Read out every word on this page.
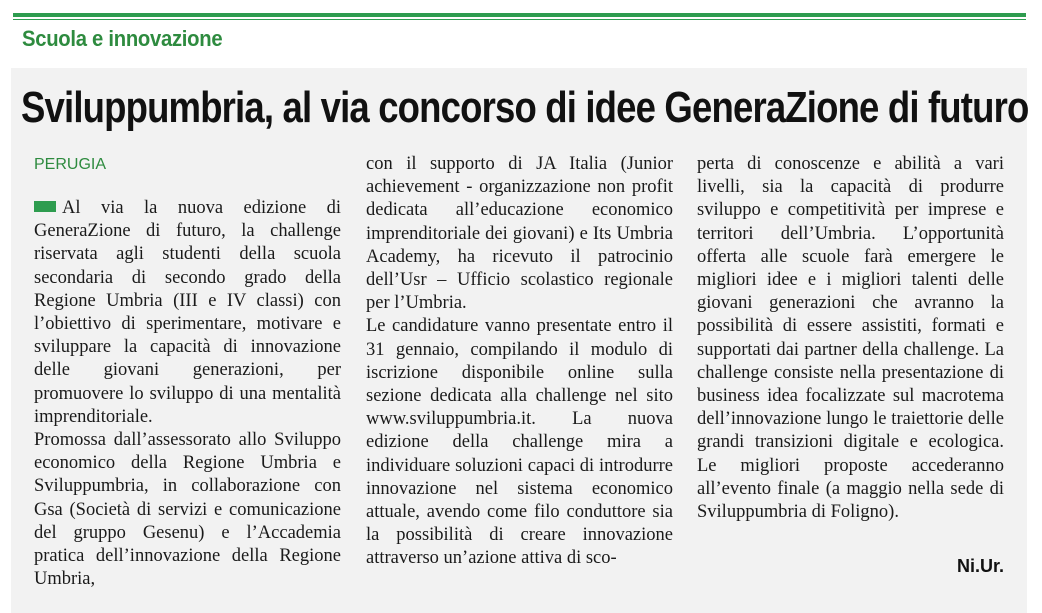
Scuola e innovazione
Sviluppumbria, al via concorso di idee GeneraZione di futuro
PERUGIA

Al via la nuova edizione di GeneraZione di futuro, la challenge riservata agli studenti della scuola secondaria di secondo grado della Regione Umbria (III e IV classi) con l’obiettivo di sperimentare, motivare e sviluppare la capacità di innovazione delle giovani generazioni, per promuovere lo sviluppo di una mentalità imprenditoriale.

Promossa dall’assessorato allo Sviluppo economico della Regione Umbria e Sviluppumbria, in collaborazione con Gsa (Società di servizi e comunicazione del gruppo Gesenu) e l’Accademia pratica dell’innovazione della Regione Umbria,

con il supporto di JA Italia (Junior achievement - organizzazione non profit dedicata all’educazione economico imprenditoriale dei giovani) e Its Umbria Academy, ha ricevuto il patrocinio dell’Usr – Ufficio scolastico regionale per l’Umbria.

Le candidature vanno presentate entro il 31 gennaio, compilando il modulo di iscrizione disponibile online sulla sezione dedicata alla challenge nel sito www.sviluppumbria.it. La nuova edizione della challenge mira a individuare soluzioni capaci di introdurre innovazione nel sistema economico attuale, avendo come filo conduttore sia la possibilità di creare innovazione attraverso un’azione attiva di sco-

perta di conoscenze e abilità a vari livelli, sia la capacità di produrre sviluppo e competitività per imprese e territori dell’Umbria. L’opportunità offerta alle scuole farà emergere le migliori idee e i migliori talenti delle giovani generazioni che avranno la possibilità di essere assistiti, formati e supportati dai partner della challenge. La challenge consiste nella presentazione di business idea focalizzate sul macrotema dell’innovazione lungo le traiettorie delle grandi transizioni digitale e ecologica. Le migliori proposte accederanno all’evento finale (a maggio nella sede di Sviluppumbria di Foligno).

Ni.Ur.
